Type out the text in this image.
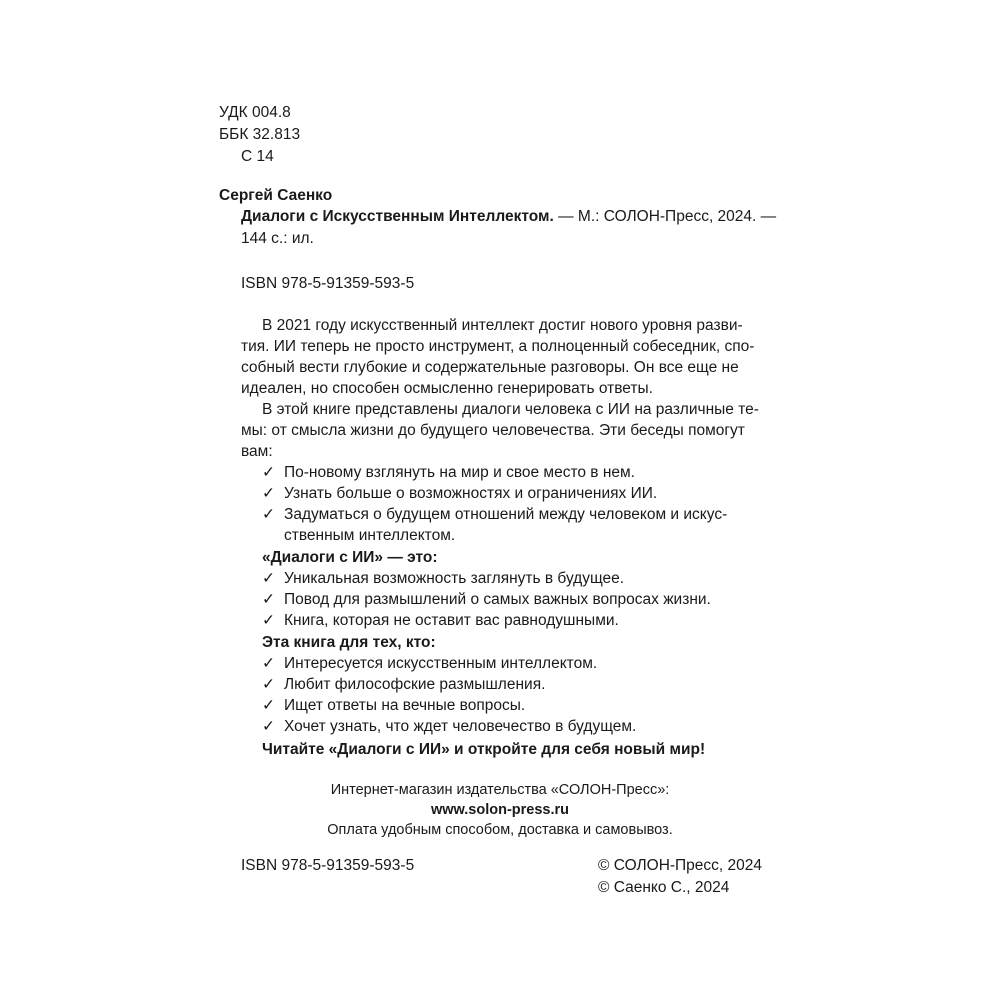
УДК 004.8
ББК 32.813
С 14
Сергей Саенко
Диалоги с Искусственным Интеллектом. — М.: СОЛОН-Пресс, 2024. —
144 с.: ил.
ISBN 978-5-91359-593-5
В 2021 году искусственный интеллект достиг нового уровня разви-
тия. ИИ теперь не просто инструмент, а полноценный собеседник, спо-
собный вести глубокие и содержательные разговоры. Он все еще не
идеален, но способен осмысленно генерировать ответы.
В этой книге представлены диалоги человека с ИИ на различные те-
мы: от смысла жизни до будущего человечества. Эти беседы помогут
вам:
✓ По-новому взглянуть на мир и свое место в нем.
✓ Узнать больше о возможностях и ограничениях ИИ.
✓ Задуматься о будущем отношений между человеком и искус-
ственным интеллектом.
«Диалоги с ИИ» — это:
✓ Уникальная возможность заглянуть в будущее.
✓ Повод для размышлений о самых важных вопросах жизни.
✓ Книга, которая не оставит вас равнодушными.
Эта книга для тех, кто:
✓ Интересуется искусственным интеллектом.
✓ Любит философские размышления.
✓ Ищет ответы на вечные вопросы.
✓ Хочет узнать, что ждет человечество в будущем.
Читайте «Диалоги с ИИ» и откройте для себя новый мир!
Интернет-магазин издательства «СОЛОН-Пресс»:
www.solon-press.ru
Оплата удобным способом, доставка и самовывоз.
ISBN 978-5-91359-593-5	© СОЛОН-Пресс, 2024
© Саенко С., 2024
